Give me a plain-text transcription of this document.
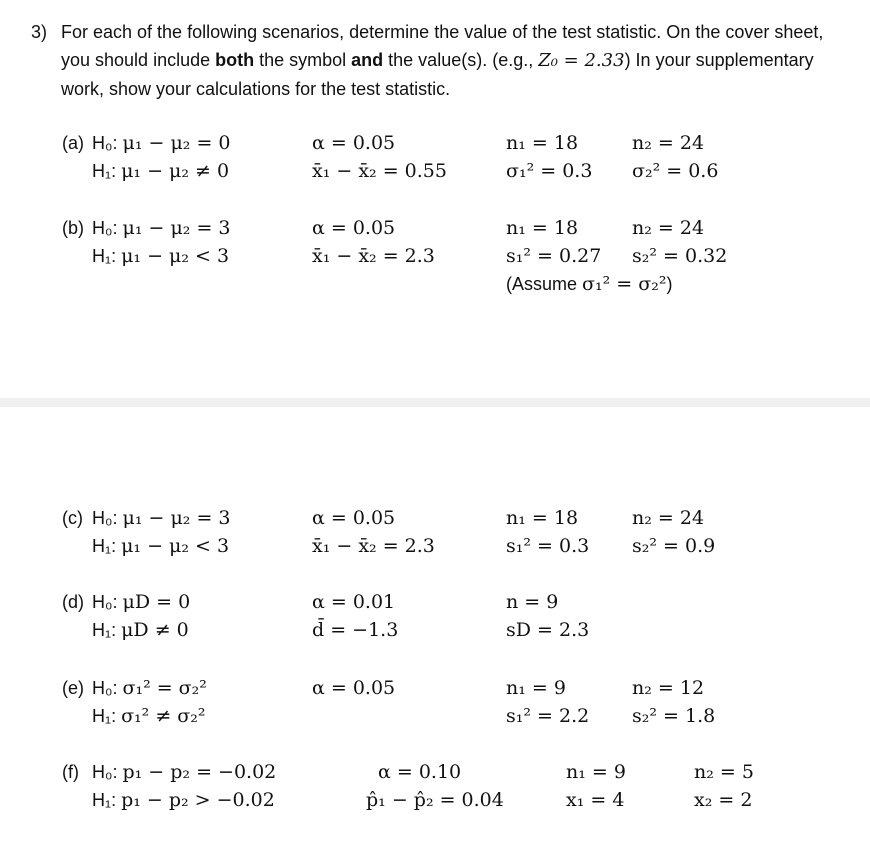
3) For each of the following scenarios, determine the value of the test statistic. On the cover sheet, you should include both the symbol and the value(s). (e.g., Z₀ = 2.33) In your supplementary work, show your calculations for the test statistic.
(a) H₀: μ₁ − μ₂ = 0
H₁: μ₁ − μ₂ ≠ 0
α = 0.05
x̄₁ − x̄₂ = 0.55
n₁ = 18
σ₁² = 0.3
n₂ = 24
σ₂² = 0.6
(b) H₀: μ₁ − μ₂ = 3
H₁: μ₁ − μ₂ < 3
α = 0.05
x̄₁ − x̄₂ = 2.3
n₁ = 18
s₁² = 0.27
n₂ = 24
s₂² = 0.32
(Assume σ₁² = σ₂²)
(c) H₀: μ₁ − μ₂ = 3
H₁: μ₁ − μ₂ < 3
α = 0.05
x̄₁ − x̄₂ = 2.3
n₁ = 18
s₁² = 0.3
n₂ = 24
s₂² = 0.9
(d) H₀: μD = 0
H₁: μD ≠ 0
α = 0.01
d̄ = −1.3
n = 9
sD = 2.3
(e) H₀: σ₁² = σ₂²
H₁: σ₁² ≠ σ₂²
α = 0.05	n₁ = 9
s₁² = 2.2
n₂ = 12
s₂² = 1.8
(f) H₀: p₁ − p₂ = −0.02
H₁: p₁ − p₂ > −0.02
α = 0.10
p̂₁ − p̂₂ = 0.04
n₁ = 9
x₁ = 4
n₂ = 5
x₂ = 2
